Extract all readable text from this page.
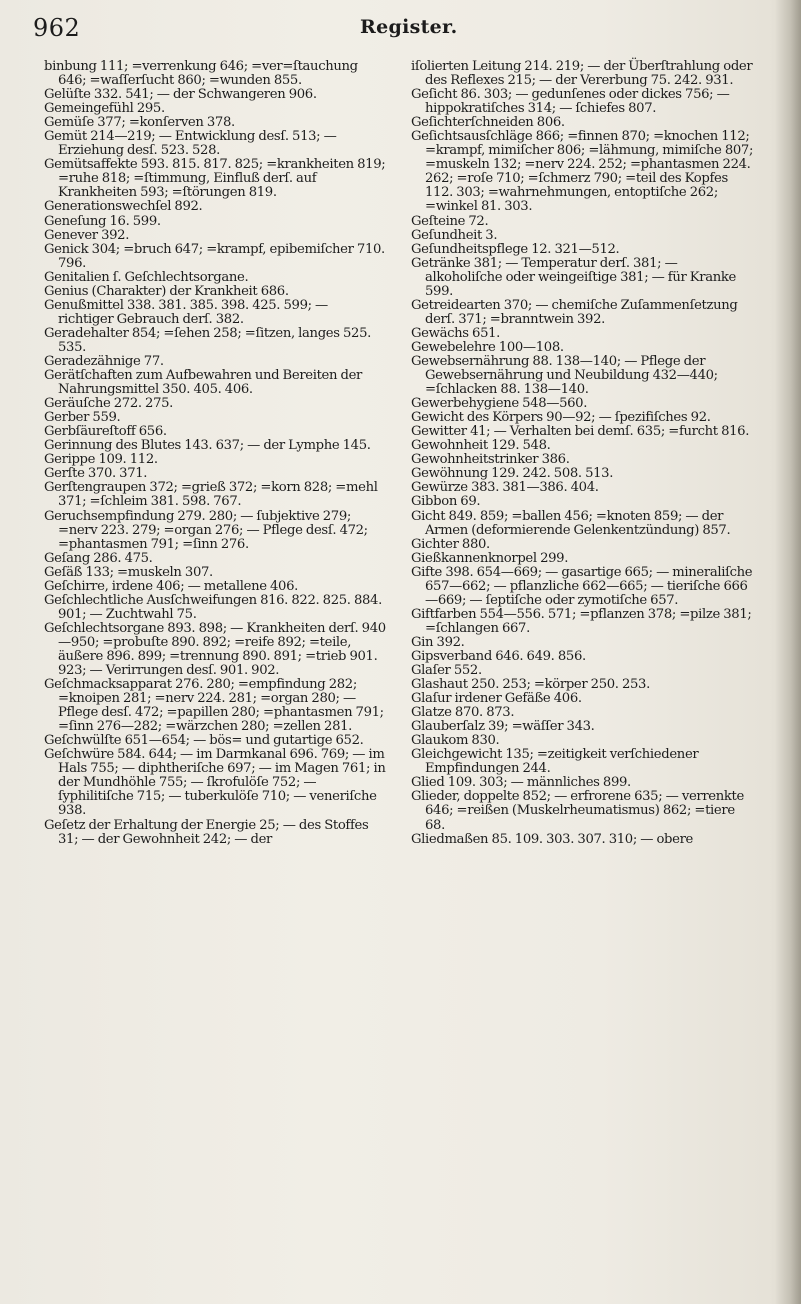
962	Register.

binbung 111; =verrenkung 646; =ver=ſtauchung 646; =waſſerſucht 860; =wunden 855.

Gelüſte 332. 541; — der Schwangeren 906.

Gemeingefühl 295.

Gemüſe 377; =konſerven 378.

Gemüt 214—219; — Entwicklung desſ. 513; — Erziehung desſ. 523. 528.

Gemütsaffekte 593. 815. 817. 825; =krankheiten 819; =ruhe 818; =ſtimmung, Einfluß derſ. auf Krankheiten 593; =ſtörungen 819.

Generationswechſel 892.

Geneſung 16. 599.

Genever 392.

Genick 304; =bruch 647; =krampf, epibemiſcher 710. 796.

Genitalien ſ. Geſchlechtsorgane.

Genius (Charakter) der Krankheit 686.

Genußmittel 338. 381. 385. 398. 425. 599; — richtiger Gebrauch derſ. 382.

Geradehalter 854; =ſehen 258; =ſitzen, langes 525. 535.

Geradezähnige 77.

Gerätſchaften zum Aufbewahren und Bereiten der Nahrungsmittel 350. 405. 406.

Geräuſche 272. 275.

Gerber 559.

Gerbſäureſtoff 656.

Gerinnung des Blutes 143. 637; — der Lymphe 145.

Gerippe 109. 112.

Gerſte 370. 371.

Gerſtengraupen 372; =grieß 372; =korn 828; =mehl 371; =ſchleim 381. 598. 767.

Geruchsempfindung 279. 280; — ſubjektive 279; =nerv 223. 279; =organ 276; — Pflege desſ. 472; =phantasmen 791; =ſinn 276.

Geſang 286. 475.

Geſäß 133; =muskeln 307.

Geſchirre, irdene 406; — metallene 406.

Geſchlechtliche Ausſchweifungen 816. 822. 825. 884. 901; — Zuchtwahl 75.

Geſchlechtsorgane 893. 898; — Krankheiten derſ. 940—950; =probuſte 890. 892; =reife 892; =teile, äußere 896. 899; =trennung 890. 891; =trieb 901. 923; — Verirrungen desſ. 901. 902.

Geſchmacksapparat 276. 280; =empfindung 282; =knoipen 281; =nerv 224. 281; =organ 280; — Pflege desſ. 472; =papillen 280; =phantasmen 791; =ſinn 276—282; =wärzchen 280; =zellen 281.

Geſchwülſte 651—654; — bös= und gutartige 652.

Geſchwüre 584. 644; — im Darmkanal 696. 769; — im Hals 755; — diphtheriſche 697; — im Magen 761; in der Mundhöhle 755; — ſkrofulöſe 752; — ſyphilitiſche 715; — tuberkulöſe 710; — veneriſche 938.

Geſetz der Erhaltung der Energie 25; — des Stoffes 31; — der Gewohnheit 242; — der

iſolierten Leitung 214. 219; — der Überſtrahlung oder des Reflexes 215; — der Vererbung 75. 242. 931.

Geſicht 86. 303; — gedunſenes oder dickes 756; — hippokratiſches 314; — ſchiefes 807.

Geſichterſchneiden 806.

Geſichtsausſchläge 866; =finnen 870; =knochen 112; =krampf, mimiſcher 806; =lähmung, mimiſche 807; =muskeln 132; =nerv 224. 252; =phantasmen 224. 262; =roſe 710; =ſchmerz 790; =teil des Kopfes 112. 303; =wahrnehmungen, entoptiſche 262; =winkel 81. 303.

Geſteine 72.

Geſundheit 3.

Geſundheitspflege 12. 321—512.

Getränke 381; — Temperatur derſ. 381; — alkoholiſche oder weingeiſtige 381; — für Kranke 599.

Getreidearten 370; — chemiſche Zuſammenſetzung derſ. 371; =branntwein 392.

Gewächs 651.

Gewebelehre 100—108.

Gewebsernährung 88. 138—140; — Pflege der Gewebsernährung und Neubildung 432—440; =ſchlacken 88. 138—140.

Gewerbehygiene 548—560.

Gewicht des Körpers 90—92; — ſpezifiſches 92.

Gewitter 41; — Verhalten bei demſ. 635; =furcht 816.

Gewohnheit 129. 548.

Gewohnheitstrinker 386.

Gewöhnung 129. 242. 508. 513.

Gewürze 383. 381—386. 404.

Gibbon 69.

Gicht 849. 859; =ballen 456; =knoten 859; — der Armen (deformierende Gelenkentzündung) 857.

Gichter 880.

Gießkannenknorpel 299.

Gifte 398. 654—669; — gasartige 665; — mineraliſche 657—662; — pflanzliche 662—665; — tieriſche 666—669; — ſeptiſche oder zymotiſche 657.

Giftfarben 554—556. 571; =pflanzen 378; =pilze 381; =ſchlangen 667.

Gin 392.

Gipsverband 646. 649. 856.

Glaſer 552.

Glashaut 250. 253; =körper 250. 253.

Glaſur irdener Gefäße 406.

Glatze 870. 873.

Glauberſalz 39; =wäſſer 343.

Glaukom 830.

Gleichgewicht 135; =zeitigkeit verſchiedener Empfindungen 244.

Glied 109. 303; — männliches 899.

Glieder, doppelte 852; — erfrorene 635; — verrenkte 646; =reißen (Muskelrheumatismus) 862; =tiere 68.

Gliedmaßen 85. 109. 303. 307. 310; — obere
